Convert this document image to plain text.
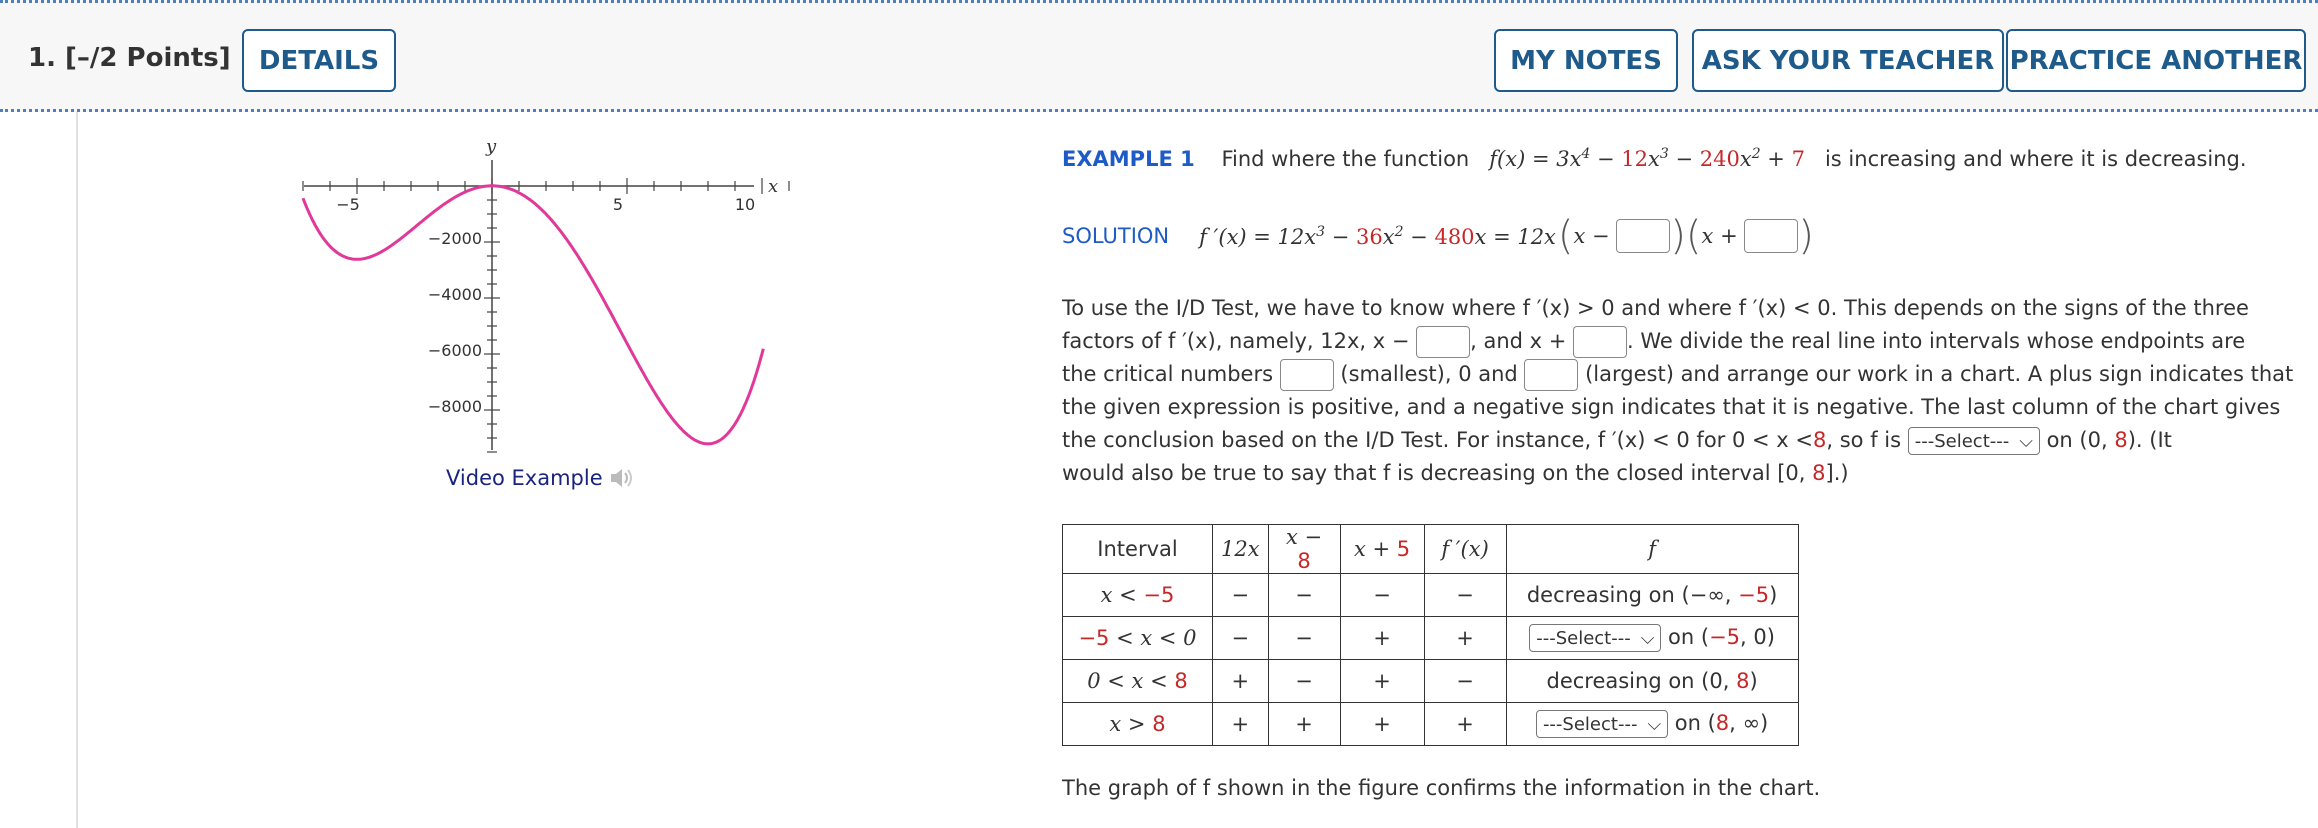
1. [–/2 Points]	DETAILS	MY NOTES	ASK YOUR TEACHER PRACTICE ANOTHER
y
x
−5	5	10
−2000
−4000
−6000
−8000
Video Example
EXAMPLE 1 Find where the function $f(x) = 3x^4 - 12x^3 - 240x^2 + 7$ is increasing and where it is decreasing.
SOLUTION f $'(x) = 12x^3 - 36x^2 - 480x = 12x$ ( x −
)( x +
)
To use the I/D Test, we have to know where f ′(x) > 0 and where f ′(x) < 0. This depends on the signs of the three
factors of f ′(x), namely, 12x, x −	, and x +	. We divide the real line into intervals whose endpoints are
the critical numbers	(smallest), 0 and	(largest) and arrange our work in a chart. A plus sign indicates that
the given expression is positive, and a negative sign indicates that it is negative. The last column of the chart gives
the conclusion based on the I/D Test. For instance, f ′(x) < 0 for 0 < x <8, so f is ---Select--- ⌵ on (0, 8). (It
would also be true to say that f is decreasing on the closed interval [0, 8].)
Interval	12x	x − 8	x + 5	f ′(x)	f
x < −5	−	−	−	−	decreasing on (−∞, −5)
−5 < x < 0	−	−	+	+	---Select--- ⌵ on (−5, 0)
0 < x < 8	+	−	+	−	decreasing on (0, 8)
x > 8	+	+	+	+	---Select--- ⌵ on (8, ∞)
The graph of f shown in the figure confirms the information in the chart.
